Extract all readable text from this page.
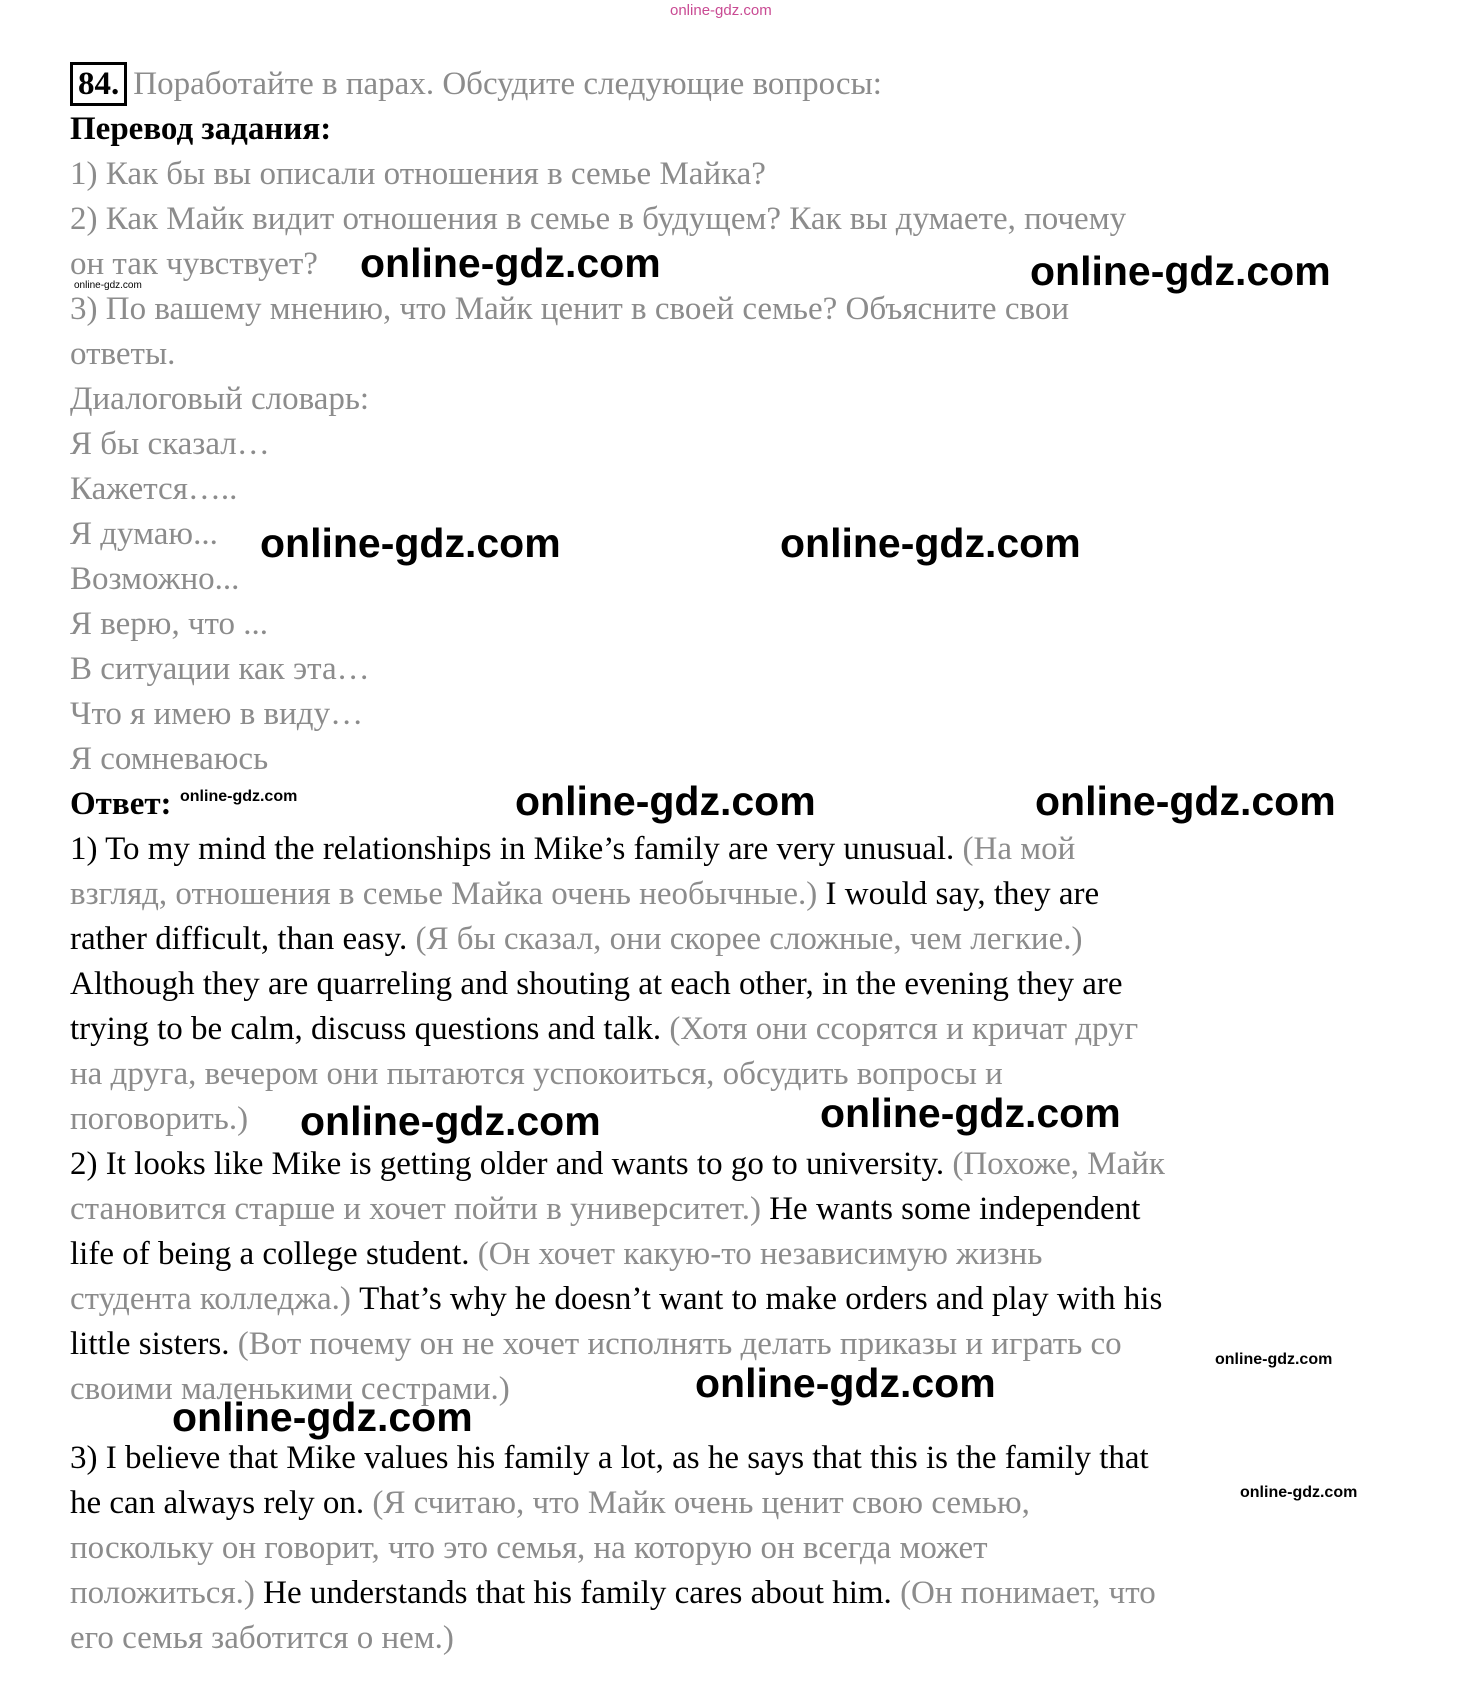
online-gdz.com
84. Поработайте в парах. Обсудите следующие вопросы:
Перевод задания:
1) Как бы вы описали отношения в семье Майка?
2) Как Майк видит отношения в семье в будущем? Как вы думаете, почему
он так чувствует?
3) По вашему мнению, что Майк ценит в своей семье? Объясните свои
ответы.
Диалоговый словарь:
Я бы сказал…
Кажется…..
Я думаю...
Возможно...
Я верю, что ...
В ситуации как эта…
Что я имею в виду…
Я сомневаюсь
Ответ:
1) To my mind the relationships in Mike’s family are very unusual. (На мой
взгляд, отношения в семье Майка очень необычные.) I would say, they are
rather difficult, than easy. (Я бы сказал, они скорее сложные, чем легкие.)
Although they are quarreling and shouting at each other, in the evening they are
trying to be calm, discuss questions and talk. (Хотя они ссорятся и кричат друг
на друга, вечером они пытаются успокоиться, обсудить вопросы и
поговорить.)
2) It looks like Mike is getting older and wants to go to university. (Похоже, Майк
становится старше и хочет пойти в университет.) He wants some independent
life of being a college student. (Он хочет какую-то независимую жизнь
студента колледжа.) That’s why he doesn’t want to make orders and play with his
little sisters. (Вот почему он не хочет исполнять делать приказы и играть со
своими маленькими сестрами.)
3) I believe that Mike values his family a lot, as he says that this is the family that
he can always rely on. (Я считаю, что Майк очень ценит свою семью,
поскольку он говорит, что это семья, на которую он всегда может
положиться.) He understands that his family cares about him. (Он понимает, что
его семья заботится о нем.)
online-gdz.com	online-gdz.com
online-gdz.com
online-gdz.com	online-gdz.com
online-gdz.com	online-gdz.com	online-gdz.com
online-gdz.com	online-gdz.com
online-gdz.com
online-gdz.com
online-gdz.com
online-gdz.com
